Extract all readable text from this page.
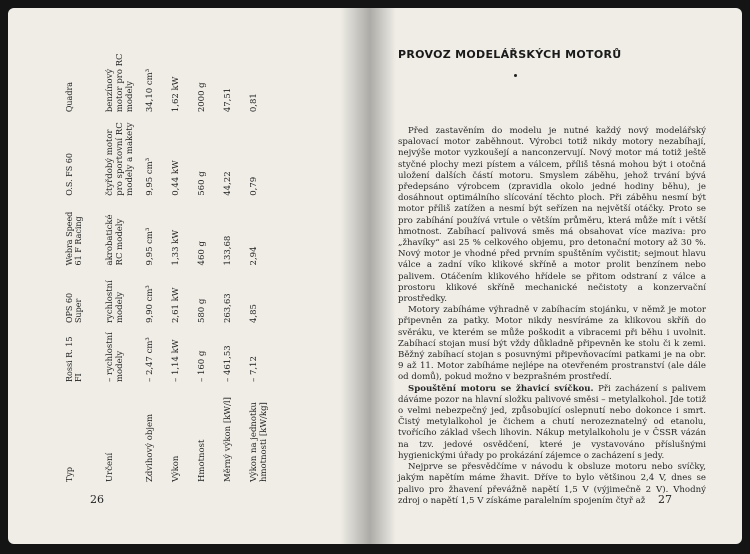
Typ	Rossi R. 15 FI	OPS 60 Super	Webra Speed 61 F Racing	O.S. FS 60	Quadra
Určení	– rychlostní modely	rychlostní modely	akrobatické RC modely	čtyřdobý motor pro sportovní RC modely a makety	benzínový motor pro RC modely
Zdvihový objem	– 2,47 cm³	9,90 cm³	9,95 cm³	9,95 cm³	34,10 cm³
Výkon	– 1,14 kW	2,61 kW	1,33 kW	0,44 kW	1,62 kW
Hmotnost	– 160 g	580 g	460 g	560 g	2000 g
Měrný výkon [kW/l]	– 461,53	263,63	133,68	44,22	47,51
Výkon na jednotku hmotnosti [kW/kg]	– 7,12	4,85	2,94	0,79	0,81
26
PROVOZ MODELÁŘSKÝCH MOTORŮ

Před zastavěním do modelu je nutné každý nový modelářský spalovací motor zaběhnout. Výrobci totiž nikdy motory nezabíhají, nejvýše motor vyzkoušejí a nanconzervují. Nový motor má totiž ještě styčné plochy mezi pístem a válcem, příliš těsná mohou být i otočná uložení dalších částí motoru. Smyslem záběhu, jehož trvání bývá předepsáno výrobcem (zpravidla okolo jedné hodiny běhu), je dosáhnout optimálního slícování těchto ploch. Při záběhu nesmí být motor příliš zatížen a nesmí být seřízen na největší otáčky. Proto se pro zabíhání používá vrtule o větším průměru, která může mít i větší hmotnost. Zabíhací palivová směs má obsahovat více maziva: pro „žhavíky“ asi 25 % celkového objemu, pro detonační motory až 30 %. Nový motor je vhodné před prvním spuštěním vyčistit; sejmout hlavu válce a zadní víko klikové skříně a motor prolit benzínem nebo palivem. Otáčením klikového hřídele se přitom odstraní z válce a prostoru klikové skříně mechanické nečistoty a konzervační prostředky.

Motory zabíháme výhradně v zabíhacím stojánku, v němž je motor připevněn za patky. Motor nikdy nesvíráme za klikovou skříň do svěráku, ve kterém se může poškodit a vibracemi při běhu i uvolnit. Zabíhací stojan musí být vždy důkladně připevněn ke stolu či k zemi. Běžný zabíhací stojan s posuvnými připevňovacími patkami je na obr. 9 až 11. Motor zabíháme nejlépe na otevřeném prostranství (ale dále od domů), pokud možno v bezprašném prostředí.

Spouštění motoru se žhavicí svíčkou. Při zacházení s palivem dáváme pozor na hlavní složku palivové směsi – metylalkohol. Jde totiž o velmi nebezpečný jed, způsobující oslepnutí nebo dokonce i smrt. Čistý metylalkohol je čichem a chutí nerozeznatelný od etanolu, tvořícího základ všech lihovin. Nákup metylalkoholu je v ČSSR vázán na tzv. jedové osvědčení, které je vystavováno příslušnými hygienickými úřady po prokázání zájemce o zacházení s jedy.

Nejprve se přesvědčíme v návodu k obsluze motoru nebo svíčky, jakým napětím máme žhavit. Dříve to bylo většinou 2,4 V, dnes se palivo pro žhavení převážně napětí 1,5 V (výjimečně 2 V). Vhodný zdroj o napětí 1,5 V získáme paralelním spojením čtyř až	27
